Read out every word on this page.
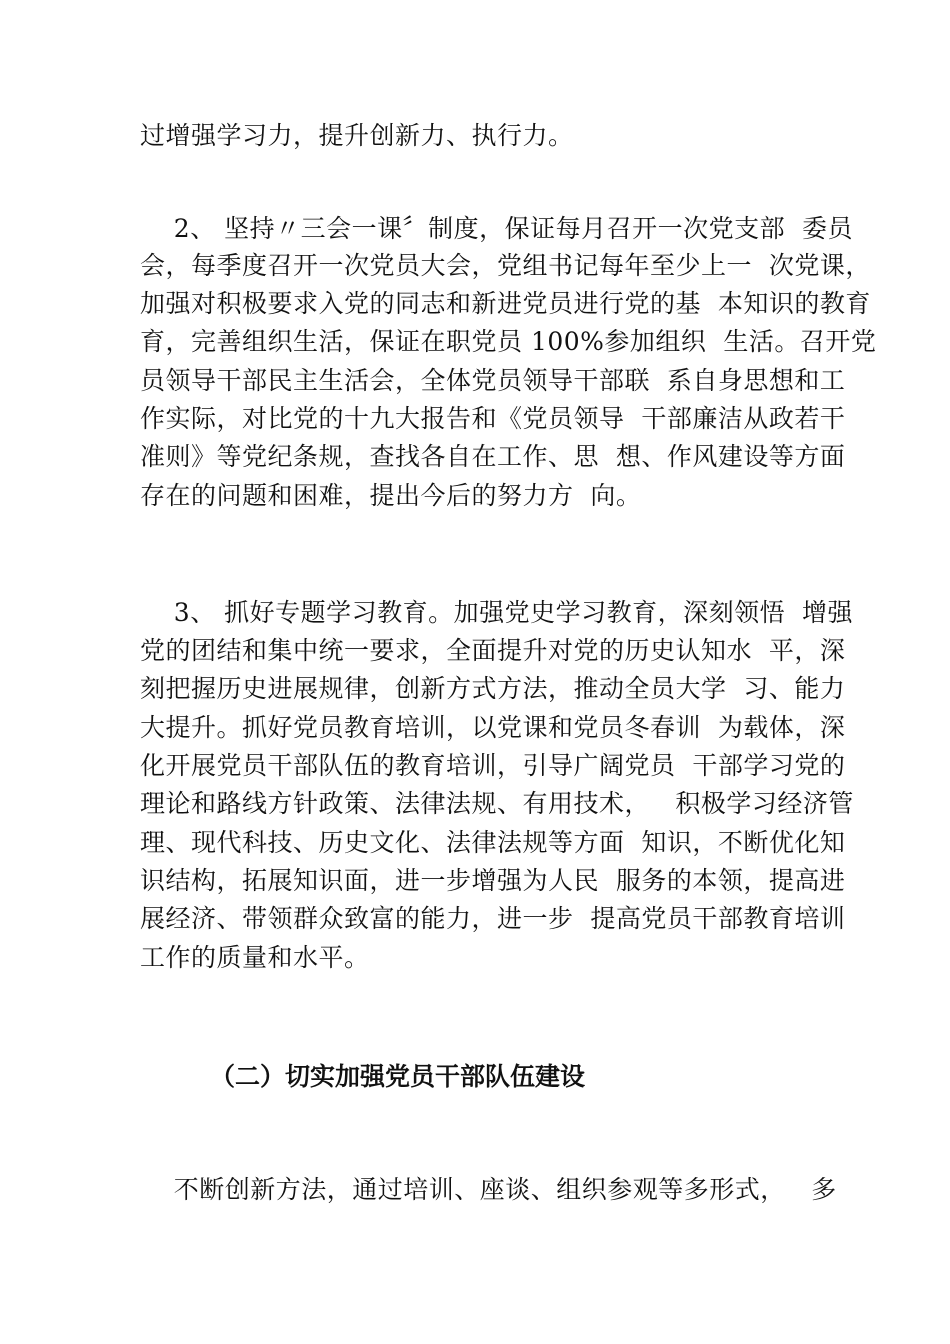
过增强学习力，提升创新力、执行力。
2、 坚持〃三会一课〞制度，保证每月召开一次党支部  委员
会，每季度召开一次党员大会，党组书记每年至少上一  次党课，
加强对积极要求入党的同志和新进党员进行党的基  本知识的教育
育，完善组织生活，保证在职党员 100%参加组织  生活。召开党
员领导干部民主生活会，全体党员领导干部联  系自身思想和工
作实际，对比党的十九大报告和《党员领导  干部廉洁从政若干
准则》等党纪条规，查找各自在工作、思  想、作风建设等方面
存在的问题和困难，提出今后的努力方  向。
3、 抓好专题学习教育。加强党史学习教育，深刻领悟  增强
党的团结和集中统一要求，全面提升对党的历史认知水  平，深
刻把握历史进展规律，创新方式方法，推动全员大学  习、能力
大提升。抓好党员教育培训，以党课和党员冬春训  为载体，深
化开展党员干部队伍的教育培训，引导广阔党员  干部学习党的
理论和路线方针政策、法律法规、有用技术，   积极学习经济管
理、现代科技、历史文化、法律法规等方面  知识，不断优化知
识结构，拓展知识面，进一步增强为人民  服务的本领，提高进
展经济、带领群众致富的能力，进一步  提高党员干部教育培训
工作的质量和水平。
（二）切实加强党员干部队伍建设
不断创新方法，通过培训、座谈、组织参观等多形式，   多
